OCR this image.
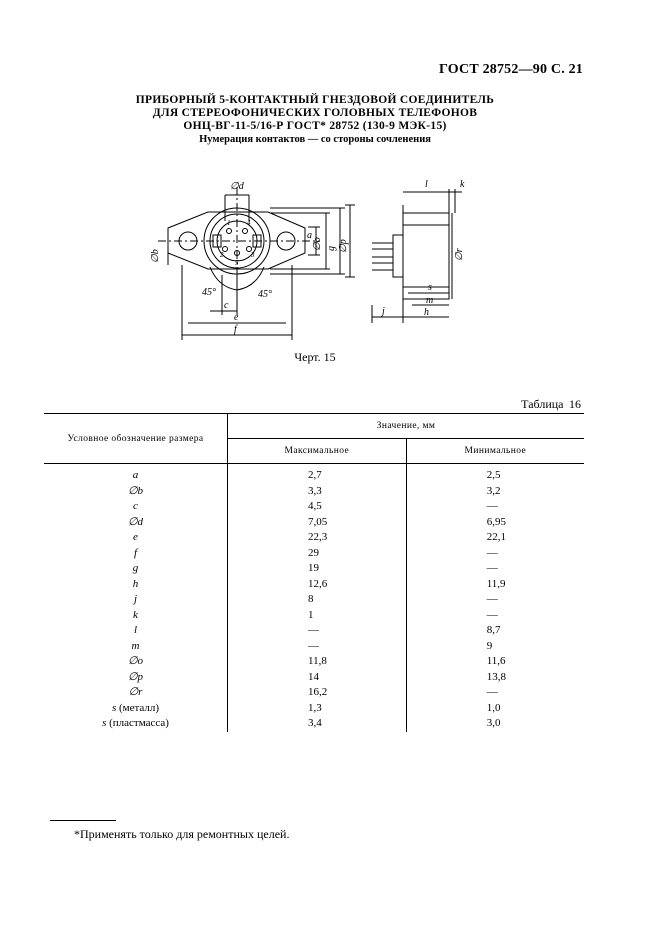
ГОСТ 28752—90 С. 21
ПРИБОРНЫЙ 5-КОНТАКТНЫЙ ГНЕЗДОВОЙ СОЕДИНИТЕЛЬ
ДЛЯ СТЕРЕОФОНИЧЕСКИХ ГОЛОВНЫХ ТЕЛЕФОНОВ
ОНЦ-ВГ-11-5/16-Р ГОСТ* 28752 (130-9 МЭК-15)
Нумерация контактов — со стороны сочленения
∅d
∅b
a
∅o g ∅p
c
e
f
45°	45°
l	k
∅r
s
m
j	h
1
2	3
4
5
Черт. 15
Таблица 16
Условное обозначение размера	Значение, мм	
	Максимальное	Минимальное
a	2,7	2,5
∅b	3,3	3,2
c	4,5	—
∅d	7,05	6,95
e	22,3	22,1
f	29	—
g	19	—
h	12,6	11,9
j	8	—
k	1	—
l	—	8,7
m	—	9
∅o	11,8	11,6
∅p	14	13,8
∅r	16,2	—
s (металл)	1,3	1,0
s (пластмасса)	3,4	3,0
*Применять только для ремонтных целей.
